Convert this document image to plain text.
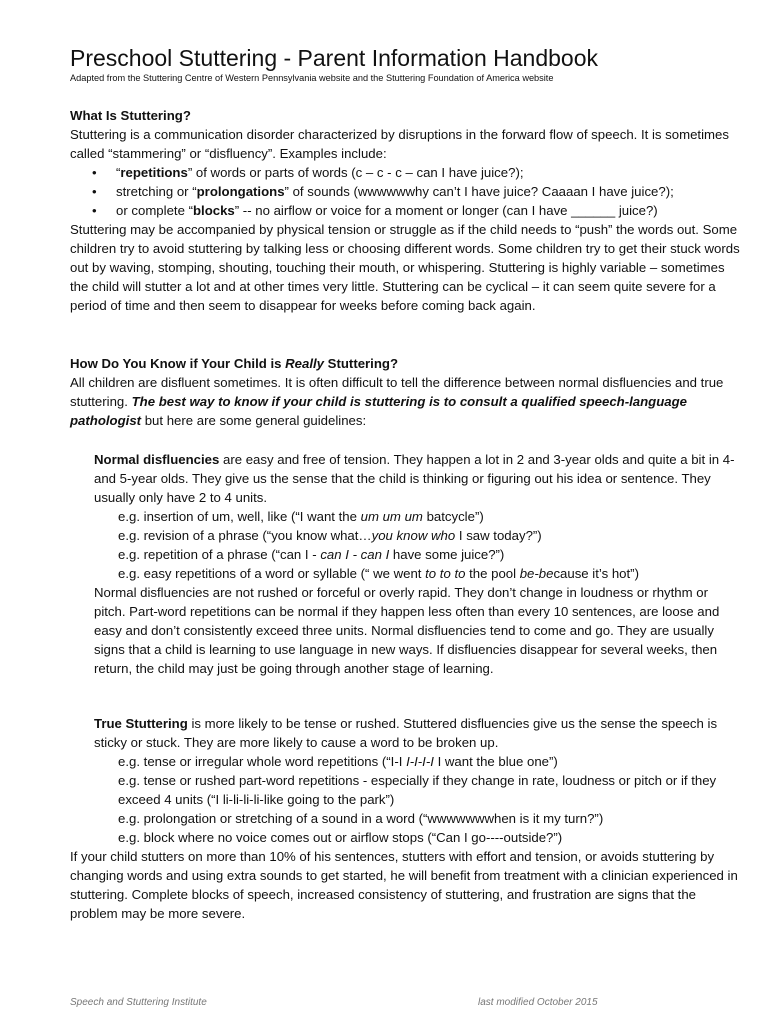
Preschool Stuttering - Parent Information Handbook
Adapted from the Stuttering Centre of Western Pennsylvania website and the Stuttering Foundation of America website

What Is Stuttering?

Stuttering is a communication disorder characterized by disruptions in the forward flow of speech. It is sometimes called “stammering” or “disfluency”. Examples include:

• “repetitions” of words or parts of words (c – c - c – can I have juice?);
• stretching or “prolongations” of sounds (wwwwwwhy can’t I have juice? Caaaan I have juice?);
• or complete “blocks” -- no airflow or voice for a moment or longer (can I have ______ juice?)

Stuttering may be accompanied by physical tension or struggle as if the child needs to “push” the words out. Some children try to avoid stuttering by talking less or choosing different words. Some children try to get their stuck words out by waving, stomping, shouting, touching their mouth, or whispering. Stuttering is highly variable – sometimes the child will stutter a lot and at other times very little. Stuttering can be cyclical – it can seem quite severe for a period of time and then seem to disappear for weeks before coming back again.

How Do You Know if Your Child is Really Stuttering?

All children are disfluent sometimes. It is often difficult to tell the difference between normal disfluencies and true stuttering. The best way to know if your child is stuttering is to consult a qualified speech-language pathologist but here are some general guidelines:

Normal disfluencies are easy and free of tension. They happen a lot in 2 and 3-year olds and quite a bit in 4- and 5-year olds. They give us the sense that the child is thinking or figuring out his idea or sentence. They usually only have 2 to 4 units.

e.g. insertion of um, well, like (“I want the um um um batcycle”)
e.g. revision of a phrase (“you know what…you know who I saw today?”)
e.g. repetition of a phrase (“can I - can I - can I have some juice?”)
e.g. easy repetitions of a word or syllable (“ we went to to to the pool be-because it’s hot”)

Normal disfluencies are not rushed or forceful or overly rapid. They don’t change in loudness or rhythm or pitch. Part-word repetitions can be normal if they happen less often than every 10 sentences, are loose and easy and don’t consistently exceed three units. Normal disfluencies tend to come and go. They are usually signs that a child is learning to use language in new ways. If disfluencies disappear for several weeks, then return, the child may just be going through another stage of learning.

True Stuttering is more likely to be tense or rushed. Stuttered disfluencies give us the sense the speech is sticky or stuck. They are more likely to cause a word to be broken up.

e.g. tense or irregular whole word repetitions (“I-I I-I-I-I I want the blue one”)
e.g. tense or rushed part-word repetitions - especially if they change in rate, loudness or pitch or if they exceed 4 units (“I li-li-li-li-like going to the park”)
e.g. prolongation or stretching of a sound in a word (“wwwwwwwhen is it my turn?”)
e.g. block where no voice comes out or airflow stops (“Can I go----outside?”)

If your child stutters on more than 10% of his sentences, stutters with effort and tension, or avoids stuttering by changing words and using extra sounds to get started, he will benefit from treatment with a clinician experienced in stuttering. Complete blocks of speech, increased consistency of stuttering, and frustration are signs that the problem may be more severe.

Speech and Stuttering Institute	last modified October 2015
